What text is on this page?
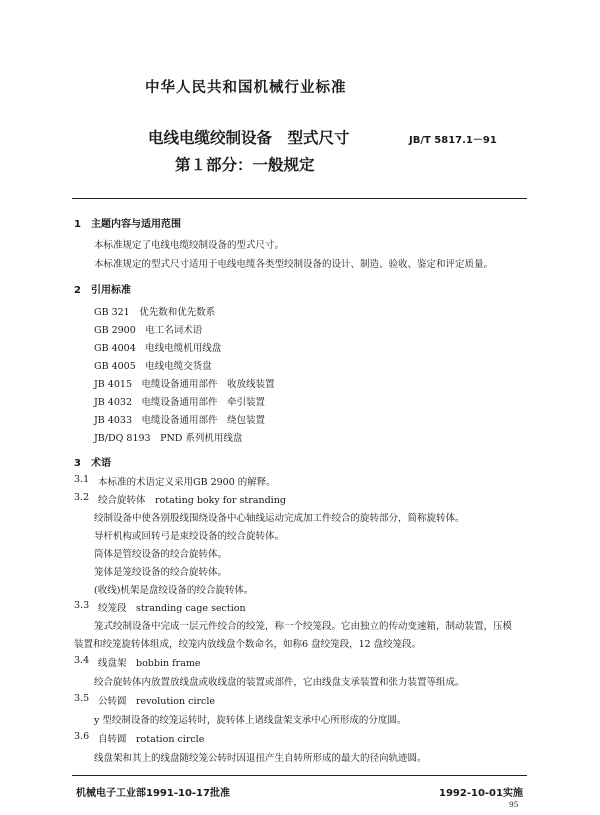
中华人民共和国机械行业标准
电线电缆绞制设备　型式尺寸	JB/T 5817.1－91
第１部分：一般规定
1　主题内容与适用范围
本标准规定了电线电缆绞制设备的型式尺寸。
本标准规定的型式尺寸适用于电线电缆各类型绞制设备的设计、制造、验收、鉴定和评定质量。
2　引用标准
GB 321　优先数和优先数系
GB 2900　电工名词术语
GB 4004　电线电缆机用线盘
GB 4005　电线电缆交货盘
JB 4015　电缆设备通用部件　收放线装置
JB 4032　电缆设备通用部件　牵引装置
JB 4033　电缆设备通用部件　绕包装置
JB/DQ 8193　PND 系列机用线盘
3　术语
3.1 本标准的术语定义采用GB 2900 的解释。
3.2 绞合旋转体　rotating boky for stranding
绞制设备中使各别股线围绕设备中心轴线运动完成加工件绞合的旋转部分，简称旋转体。
导杆机构或回转弓是束绞设备的绞合旋转体。
筒体是管绞设备的绞合旋转体。
笼体是笼绞设备的绞合旋转体。
(收线)机架是盘绞设备的绞合旋转体。
3.3 绞笼段　stranding cage section
笼式绞制设备中完成一层元件绞合的绞笼，称一个绞笼段。它由独立的传动变速箱，制动装置，压模
装置和绞笼旋转体组成，绞笼内放线盘个数命名，如称6 盘绞笼段，12 盘绞笼段。
3.4 线盘架　bobbin frame
绞合旋转体内放置放线盘或收线盘的装置或部件，它由线盘支承装置和张力装置等组成。
3.5 公转圆　revolution circle
y 型绞制设备的绞笼运转时，旋转体上诸线盘架支承中心所形成的分度圆。
3.6 自转圆　rotation circle
线盘架和其上的线盘随绞笼公转时因退扭产生自转所形成的最大的径向轨迹圆。
机械电子工业部1991-10-17批准	1992-10-01实施
95
